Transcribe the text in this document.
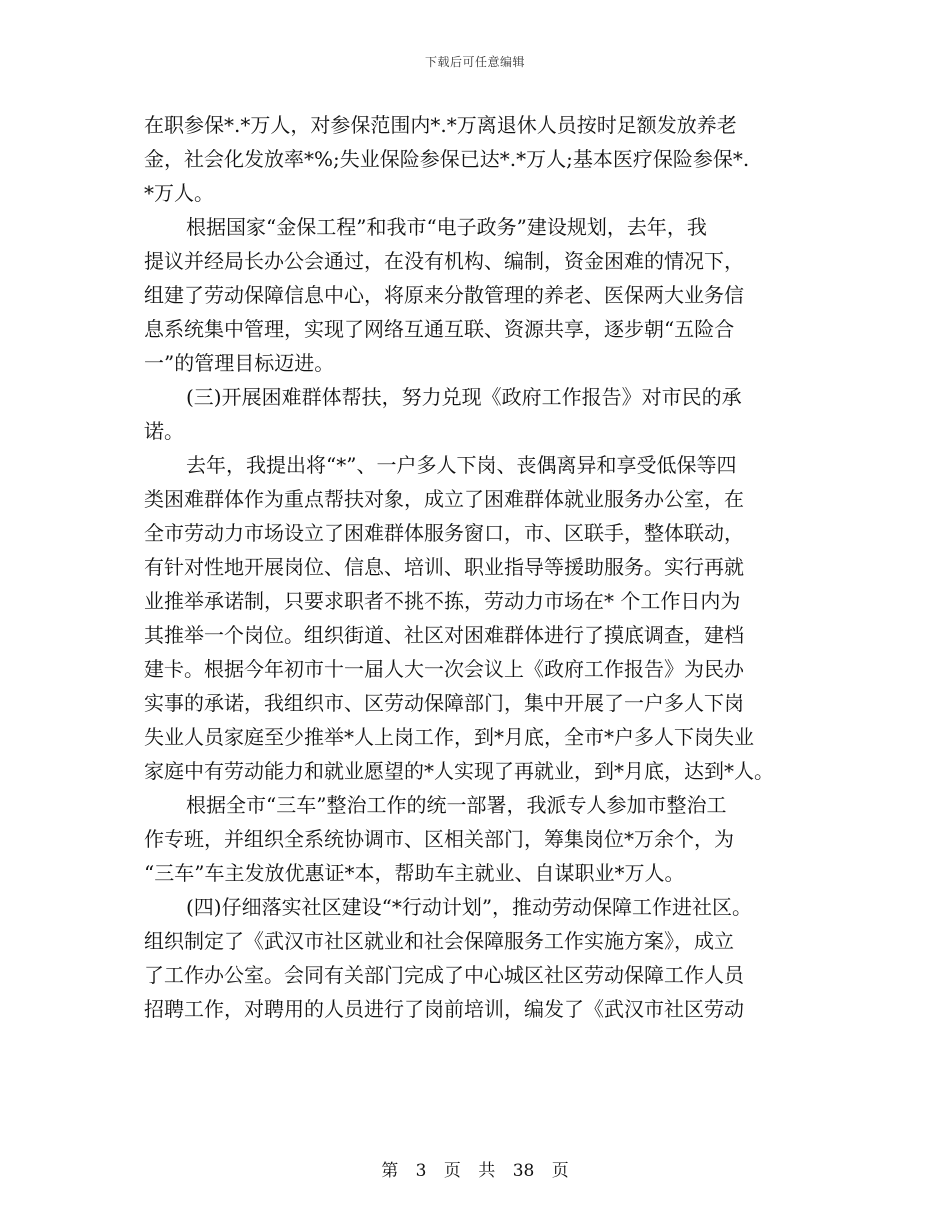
下载后可任意编辑
在职参保*.*万人，对参保范围内*.*万离退休人员按时足额发放养老
金，社会化发放率*%;失业保险参保已达*.*万人;基本医疗保险参保*.
*万人。
根据国家“金保工程”和我市“电子政务”建设规划，去年，我
提议并经局长办公会通过，在没有机构、编制，资金困难的情况下，
组建了劳动保障信息中心，将原来分散管理的养老、医保两大业务信
息系统集中管理，实现了网络互通互联、资源共享，逐步朝“五险合
一”的管理目标迈进。
(三)开展困难群体帮扶，努力兑现《政府工作报告》对市民的承
诺。
去年，我提出将“*”、一户多人下岗、丧偶离异和享受低保等四
类困难群体作为重点帮扶对象，成立了困难群体就业服务办公室，在
全市劳动力市场设立了困难群体服务窗口，市、区联手，整体联动，
有针对性地开展岗位、信息、培训、职业指导等援助服务。实行再就
业推举承诺制，只要求职者不挑不拣，劳动力市场在* 个工作日内为
其推举一个岗位。组织街道、社区对困难群体进行了摸底调查，建档
建卡。根据今年初市十一届人大一次会议上《政府工作报告》为民办
实事的承诺，我组织市、区劳动保障部门，集中开展了一户多人下岗
失业人员家庭至少推举*人上岗工作，到*月底，全市*户多人下岗失业
家庭中有劳动能力和就业愿望的*人实现了再就业，到*月底，达到*人。
根据全市“三车”整治工作的统一部署，我派专人参加市整治工
作专班，并组织全系统协调市、区相关部门，筹集岗位*万余个，为
“三车”车主发放优惠证*本，帮助车主就业、自谋职业*万人。
(四)仔细落实社区建设“*行动计划”，推动劳动保障工作进社区。
组织制定了《武汉市社区就业和社会保障服务工作实施方案》，成立
了工作办公室。会同有关部门完成了中心城区社区劳动保障工作人员
招聘工作，对聘用的人员进行了岗前培训，编发了《武汉市社区劳动
第 3 页 共 38 页
